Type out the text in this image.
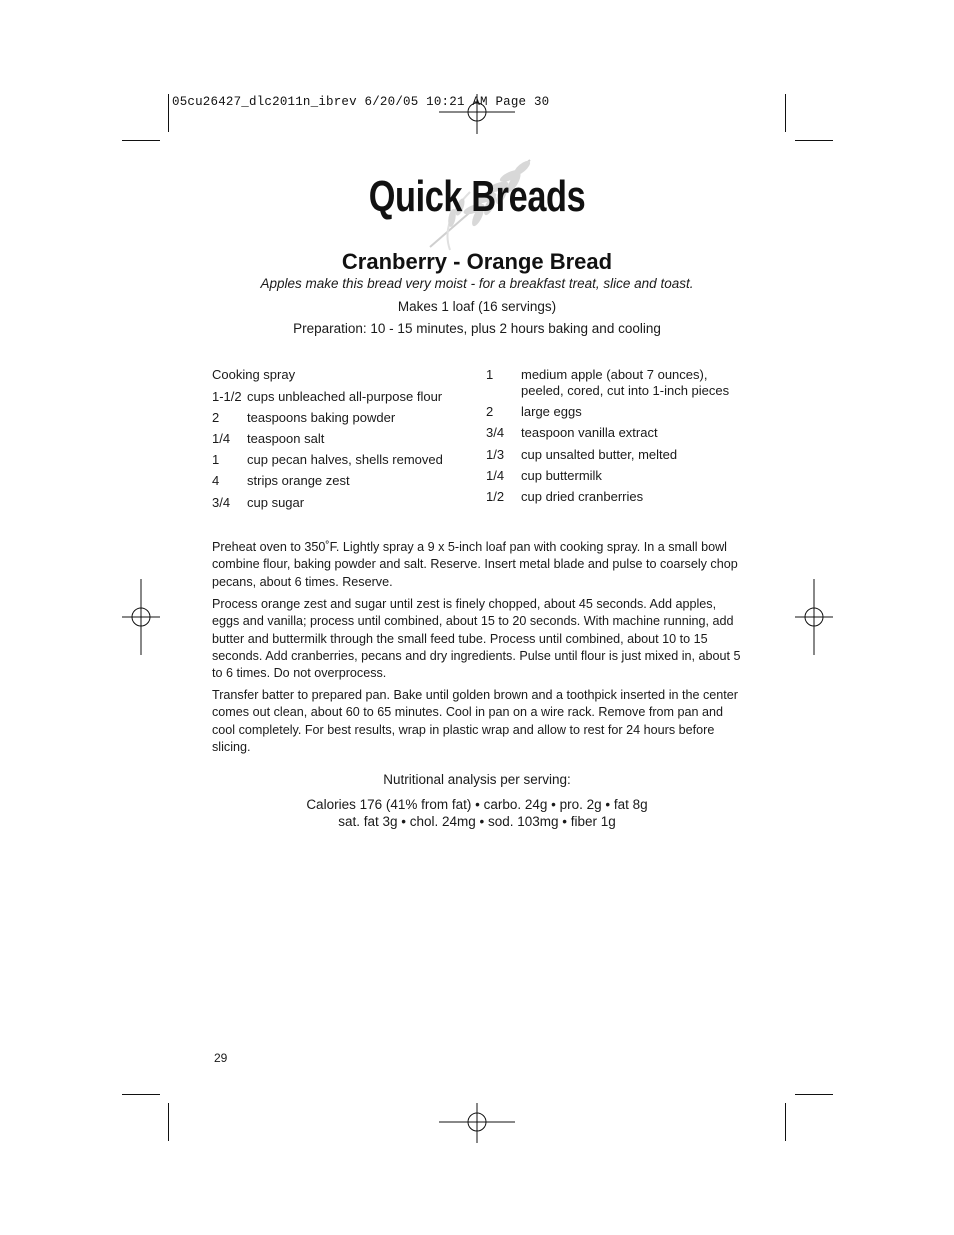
05cu26427_dlc2011n_ibrev 6/20/05 10:21 AM Page 30
Quick Breads
Cranberry - Orange Bread
Apples make this bread very moist - for a breakfast treat, slice and toast.
Makes 1 loaf (16 servings)
Preparation: 10 - 15 minutes, plus 2 hours baking and cooling
Cooking spray
1-1/2 cups unbleached all-purpose flour
2 teaspoons baking powder
1/4 teaspoon salt
1 cup pecan halves, shells removed
4 strips orange zest
3/4 cup sugar
1 medium apple (about 7 ounces),
peeled, cored, cut into 1-inch pieces
2 large eggs
3/4 teaspoon vanilla extract
1/3 cup unsalted butter, melted
1/4 cup buttermilk
1/2 cup dried cranberries
Preheat oven to 350˚F. Lightly spray a 9 x 5-inch loaf pan with cooking spray. In a small bowl combine flour, baking powder and salt. Reserve. Insert metal blade and pulse to coarsely chop pecans, about 6 times. Reserve.
Process orange zest and sugar until zest is finely chopped, about 45 seconds. Add apples, eggs and vanilla; process until combined, about 15 to 20 seconds. With machine running, add butter and buttermilk through the small feed tube. Process until combined, about 10 to 15 seconds. Add cranberries, pecans and dry ingredients. Pulse until flour is just mixed in, about 5 to 6 times. Do not overprocess.
Transfer batter to prepared pan. Bake until golden brown and a toothpick inserted in the center comes out clean, about 60 to 65 minutes. Cool in pan on a wire rack. Remove from pan and cool completely. For best results, wrap in plastic wrap and allow to rest for 24 hours before slicing.
Nutritional analysis per serving:
Calories 176 (41% from fat) • carbo. 24g • pro. 2g • fat 8g
sat. fat 3g • chol. 24mg • sod. 103mg • fiber 1g
29
